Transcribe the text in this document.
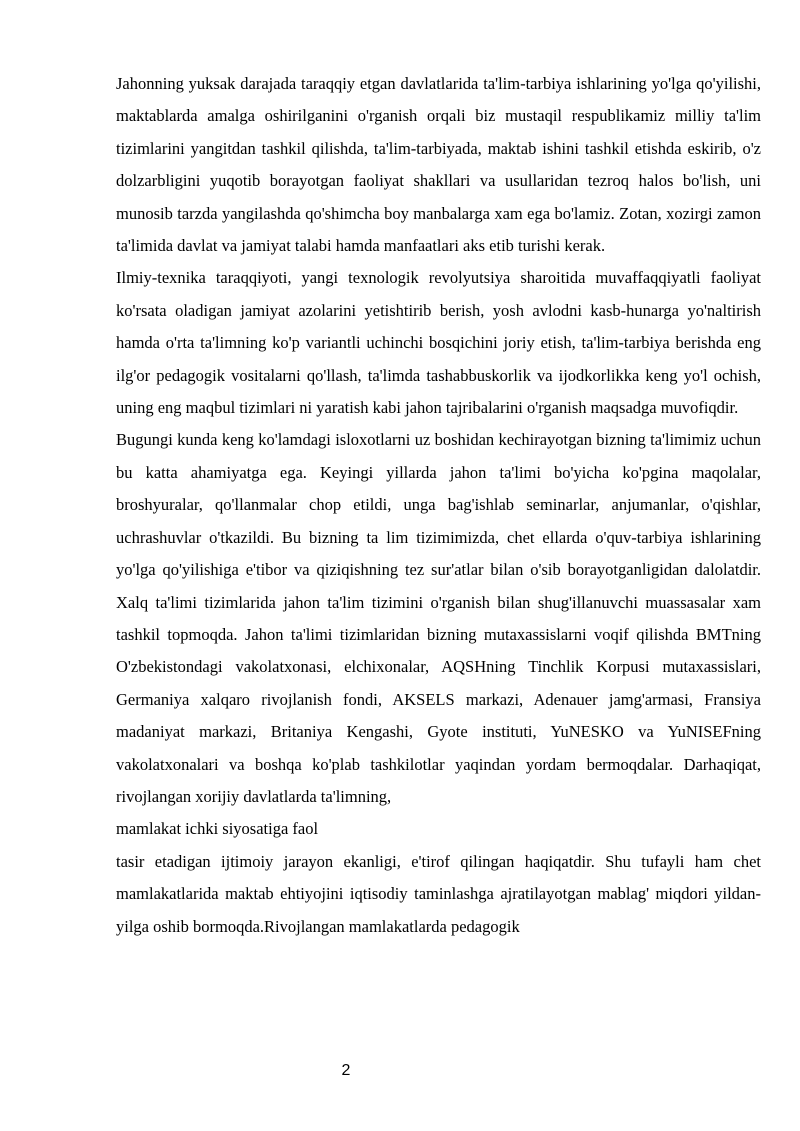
Jahonning yuksak darajada taraqqiy etgan davlatlarida ta'lim-tarbiya ishlarining yo'lga qo'yilishi, maktablarda amalga oshirilganini o'rganish orqali biz mustaqil respublikamiz milliy ta'lim tizimlarini yangitdan tashkil qilishda, ta'lim-tarbiyada, maktab ishini tashkil etishda eskirib, o'z dolzarbligini yuqotib borayotgan faoliyat shakllari va usullaridan tezroq halos bo'lish, uni munosib tarzda yangilashda qo'shimcha boy manbalarga xam ega bo'lamiz. Zotan, xozirgi zamon ta'limida davlat va jamiyat talabi hamda manfaatlari aks etib turishi kerak.

Ilmiy-texnika taraqqiyoti, yangi texnologik revolyutsiya sharoitida muvaffaqqiyatli faoliyat ko'rsata oladigan jamiyat azolarini yetishtirib berish, yosh avlodni kasb-hunarga yo'naltirish hamda o'rta ta'limning ko'p variantli uchinchi bosqichini joriy etish, ta'lim-tarbiya berishda eng ilg'or pedagogik vositalarni qo'llash, ta'limda tashabbuskorlik va ijodkorlikka keng yo'l ochish, uning eng maqbul tizimlari ni yaratish kabi jahon tajribalarini o'rganish maqsadga muvofiqdir.

Bugungi kunda keng ko'lamdagi isloxotlarni uz boshidan kechirayotgan bizning ta'limimiz uchun bu katta ahamiyatga ega. Keyingi yillarda jahon ta'limi bo'yicha ko'pgina maqolalar, broshyuralar, qo'llanmalar chop etildi, unga bag'ishlab seminarlar, anjumanlar, o'qishlar, uchrashuvlar o'tkazildi. Bu bizning ta lim tizimimizda, chet ellarda o'quv-tarbiya ishlarining yo'lga qo'yilishiga e'tibor va qiziqishning tez sur'atlar bilan o'sib borayotganligidan dalolatdir. Xalq ta'limi tizimlarida jahon ta'lim tizimini o'rganish bilan shug'illanuvchi muassasalar xam tashkil topmoqda. Jahon ta'limi tizimlaridan bizning mutaxassislarni voqif qilishda BMTning O'zbekistondagi vakolatxonasi, elchixonalar, AQSHning Tinchlik Korpusi mutaxassislari, Germaniya xalqaro rivojlanish fondi, AKSELS markazi, Adenauer jamg'armasi, Fransiya madaniyat markazi, Britaniya Kengashi, Gyote instituti, YuNESKO va YuNISEFning vakolatxonalari va boshqa ko'plab tashkilotlar yaqindan yordam bermoqdalar. Darhaqiqat, rivojlangan xorijiy davlatlarda ta'limning,

mamlakat ichki siyosatiga faol

tasir etadigan ijtimoiy jarayon ekanligi, e'tirof qilingan haqiqatdir. Shu tufayli ham chet mamlakatlarida maktab ehtiyojini iqtisodiy taminlashga ajratilayotgan mablag' miqdori yildan-yilga oshib bormoqda.Rivojlangan mamlakatlarda pedagogik

2
